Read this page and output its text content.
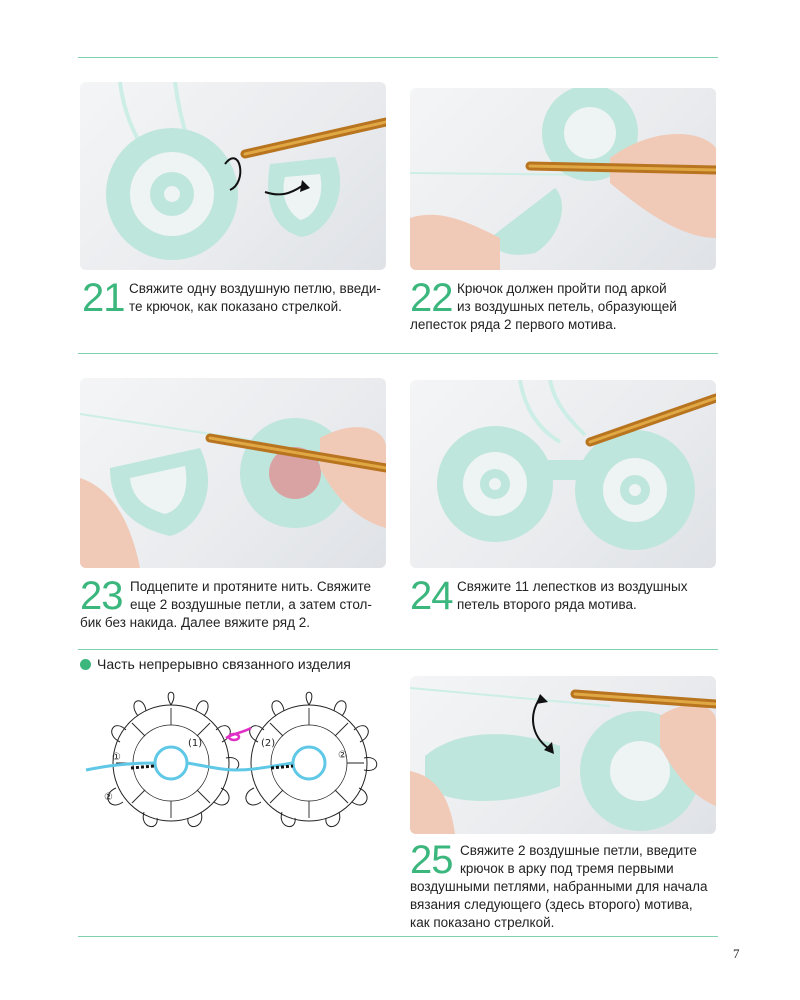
21 Свяжите одну воздушную петлю, введи-
те крючок, как показано стрелкой.	22 Крючок должен пройти под аркой
из воздушных петель, образующей
лепесток ряда 2 первого мотива.
23 Подцепите и протяните нить. Свяжите
еще 2 воздушные петли, а затем стол-
бик без накида. Далее вяжите ряд 2.
24 Свяжите 11 лепестков из воздушных
петель второго ряда мотива.
Часть непрерывно связанного изделия
①
(1)
②
(2)
②
25 Свяжите 2 воздушные петли, введите
крючок в арку под тремя первыми
воздушными петлями, набранными для начала
вязания следующего (здесь второго) мотива,
как показано стрелкой.
7
